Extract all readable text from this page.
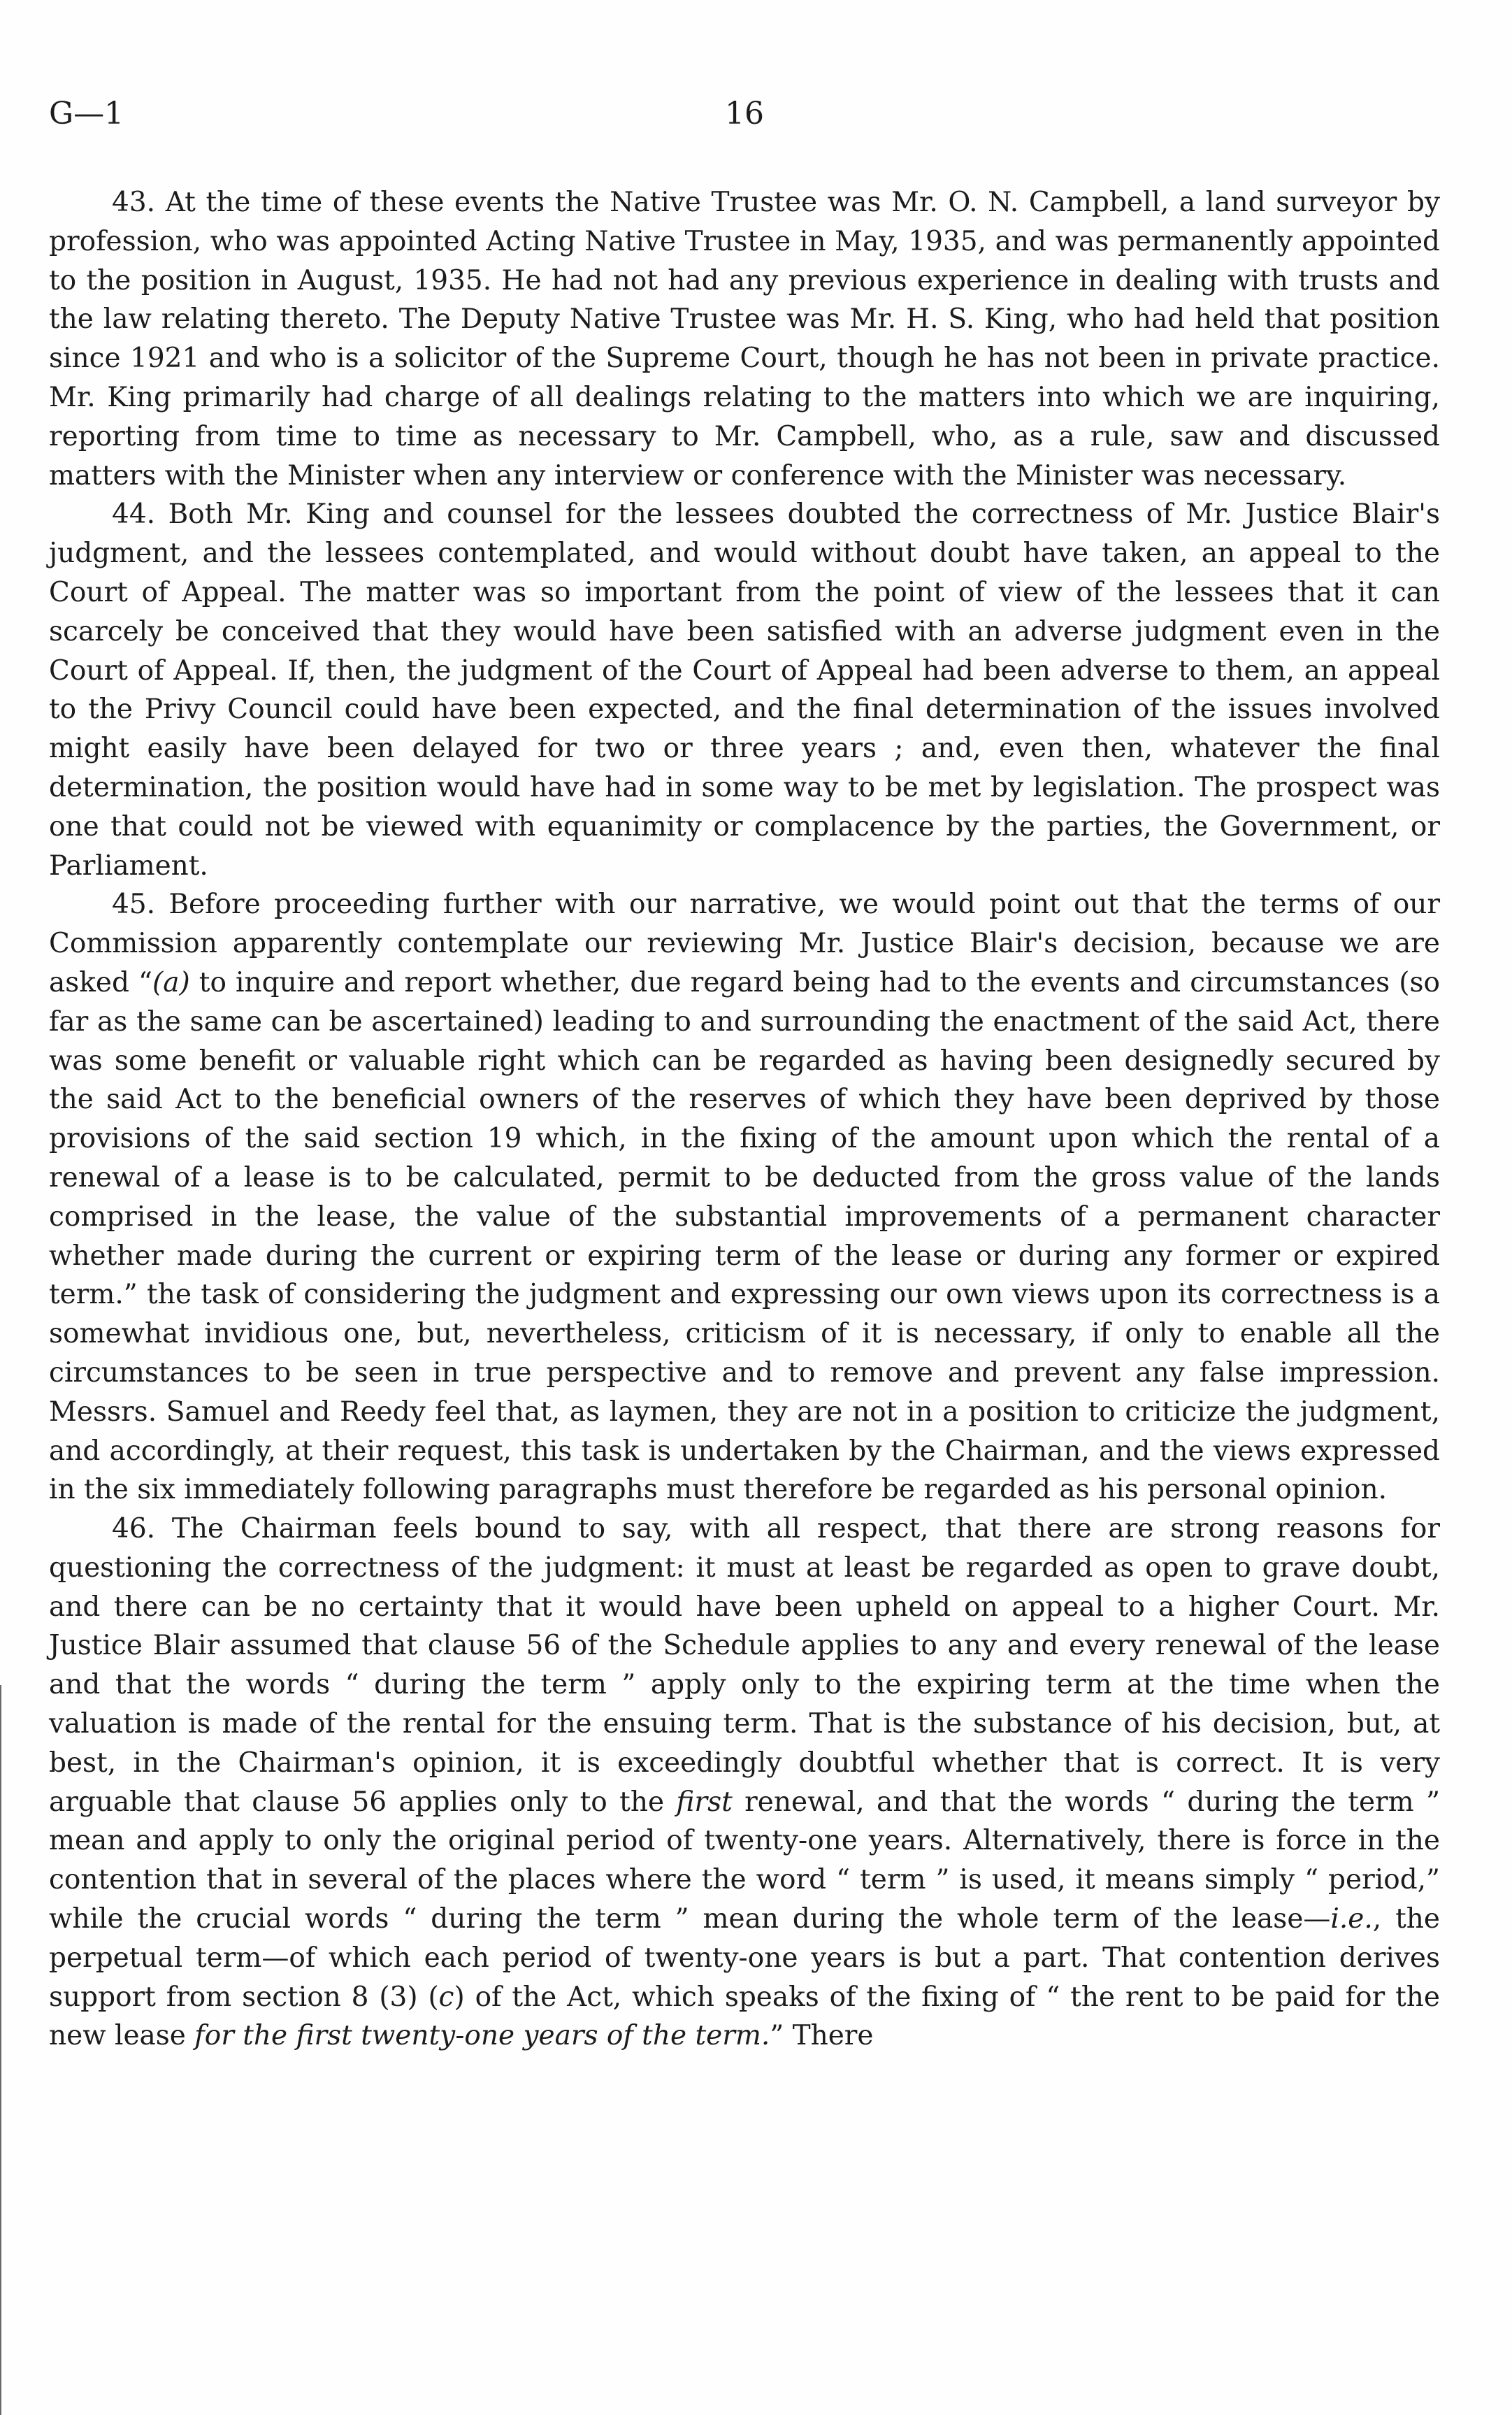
G—1	16

43. At the time of these events the Native Trustee was Mr. O. N. Campbell, a land surveyor by profession, who was appointed Acting Native Trustee in May, 1935, and was permanently appointed to the position in August, 1935. He had not had any previous experience in dealing with trusts and the law relating thereto. The Deputy Native Trustee was Mr. H. S. King, who had held that position since 1921 and who is a solicitor of the Supreme Court, though he has not been in private practice. Mr. King primarily had charge of all dealings relating to the matters into which we are inquiring, reporting from time to time as necessary to Mr. Campbell, who, as a rule, saw and discussed matters with the Minister when any interview or conference with the Minister was necessary.

44. Both Mr. King and counsel for the lessees doubted the correctness of Mr. Justice Blair's judgment, and the lessees contemplated, and would without doubt have taken, an appeal to the Court of Appeal. The matter was so important from the point of view of the lessees that it can scarcely be conceived that they would have been satisfied with an adverse judgment even in the Court of Appeal. If, then, the judgment of the Court of Appeal had been adverse to them, an appeal to the Privy Council could have been expected, and the final determination of the issues involved might easily have been delayed for two or three years ; and, even then, whatever the final determination, the position would have had in some way to be met by legislation. The prospect was one that could not be viewed with equanimity or complacence by the parties, the Government, or Parliament.

45. Before proceeding further with our narrative, we would point out that the terms of our Commission apparently contemplate our reviewing Mr. Justice Blair's decision, because we are asked “(a) to inquire and report whether, due regard being had to the events and circumstances (so far as the same can be ascertained) leading to and surrounding the enactment of the said Act, there was some benefit or valuable right which can be regarded as having been designedly secured by the said Act to the beneficial owners of the reserves of which they have been deprived by those provisions of the said section 19 which, in the fixing of the amount upon which the rental of a renewal of a lease is to be calculated, permit to be deducted from the gross value of the lands comprised in the lease, the value of the substantial improvements of a permanent character whether made during the current or expiring term of the lease or during any former or expired term.” the task of considering the judgment and expressing our own views upon its correctness is a somewhat invidious one, but, nevertheless, criticism of it is necessary, if only to enable all the circumstances to be seen in true perspective and to remove and prevent any false impression. Messrs. Samuel and Reedy feel that, as laymen, they are not in a position to criticize the judgment, and accordingly, at their request, this task is undertaken by the Chairman, and the views expressed in the six immediately following paragraphs must therefore be regarded as his personal opinion.

46. The Chairman feels bound to say, with all respect, that there are strong reasons for questioning the correctness of the judgment: it must at least be regarded as open to grave doubt, and there can be no certainty that it would have been upheld on appeal to a higher Court. Mr. Justice Blair assumed that clause 56 of the Schedule applies to any and every renewal of the lease and that the words “ during the term ” apply only to the expiring term at the time when the valuation is made of the rental for the ensuing term. That is the substance of his decision, but, at best, in the Chairman's opinion, it is exceedingly doubtful whether that is correct. It is very arguable that clause 56 applies only to the first renewal, and that the words “ during the term ” mean and apply to only the original period of twenty-one years. Alternatively, there is force in the contention that in several of the places where the word “ term ” is used, it means simply “ period,” while the crucial words “ during the term ” mean during the whole term of the lease—i.e., the perpetual term—of which each period of twenty-one years is but a part. That contention derives support from section 8 (3) (c) of the Act, which speaks of the fixing of “ the rent to be paid for the new lease for the first twenty-one years of the term.” There
